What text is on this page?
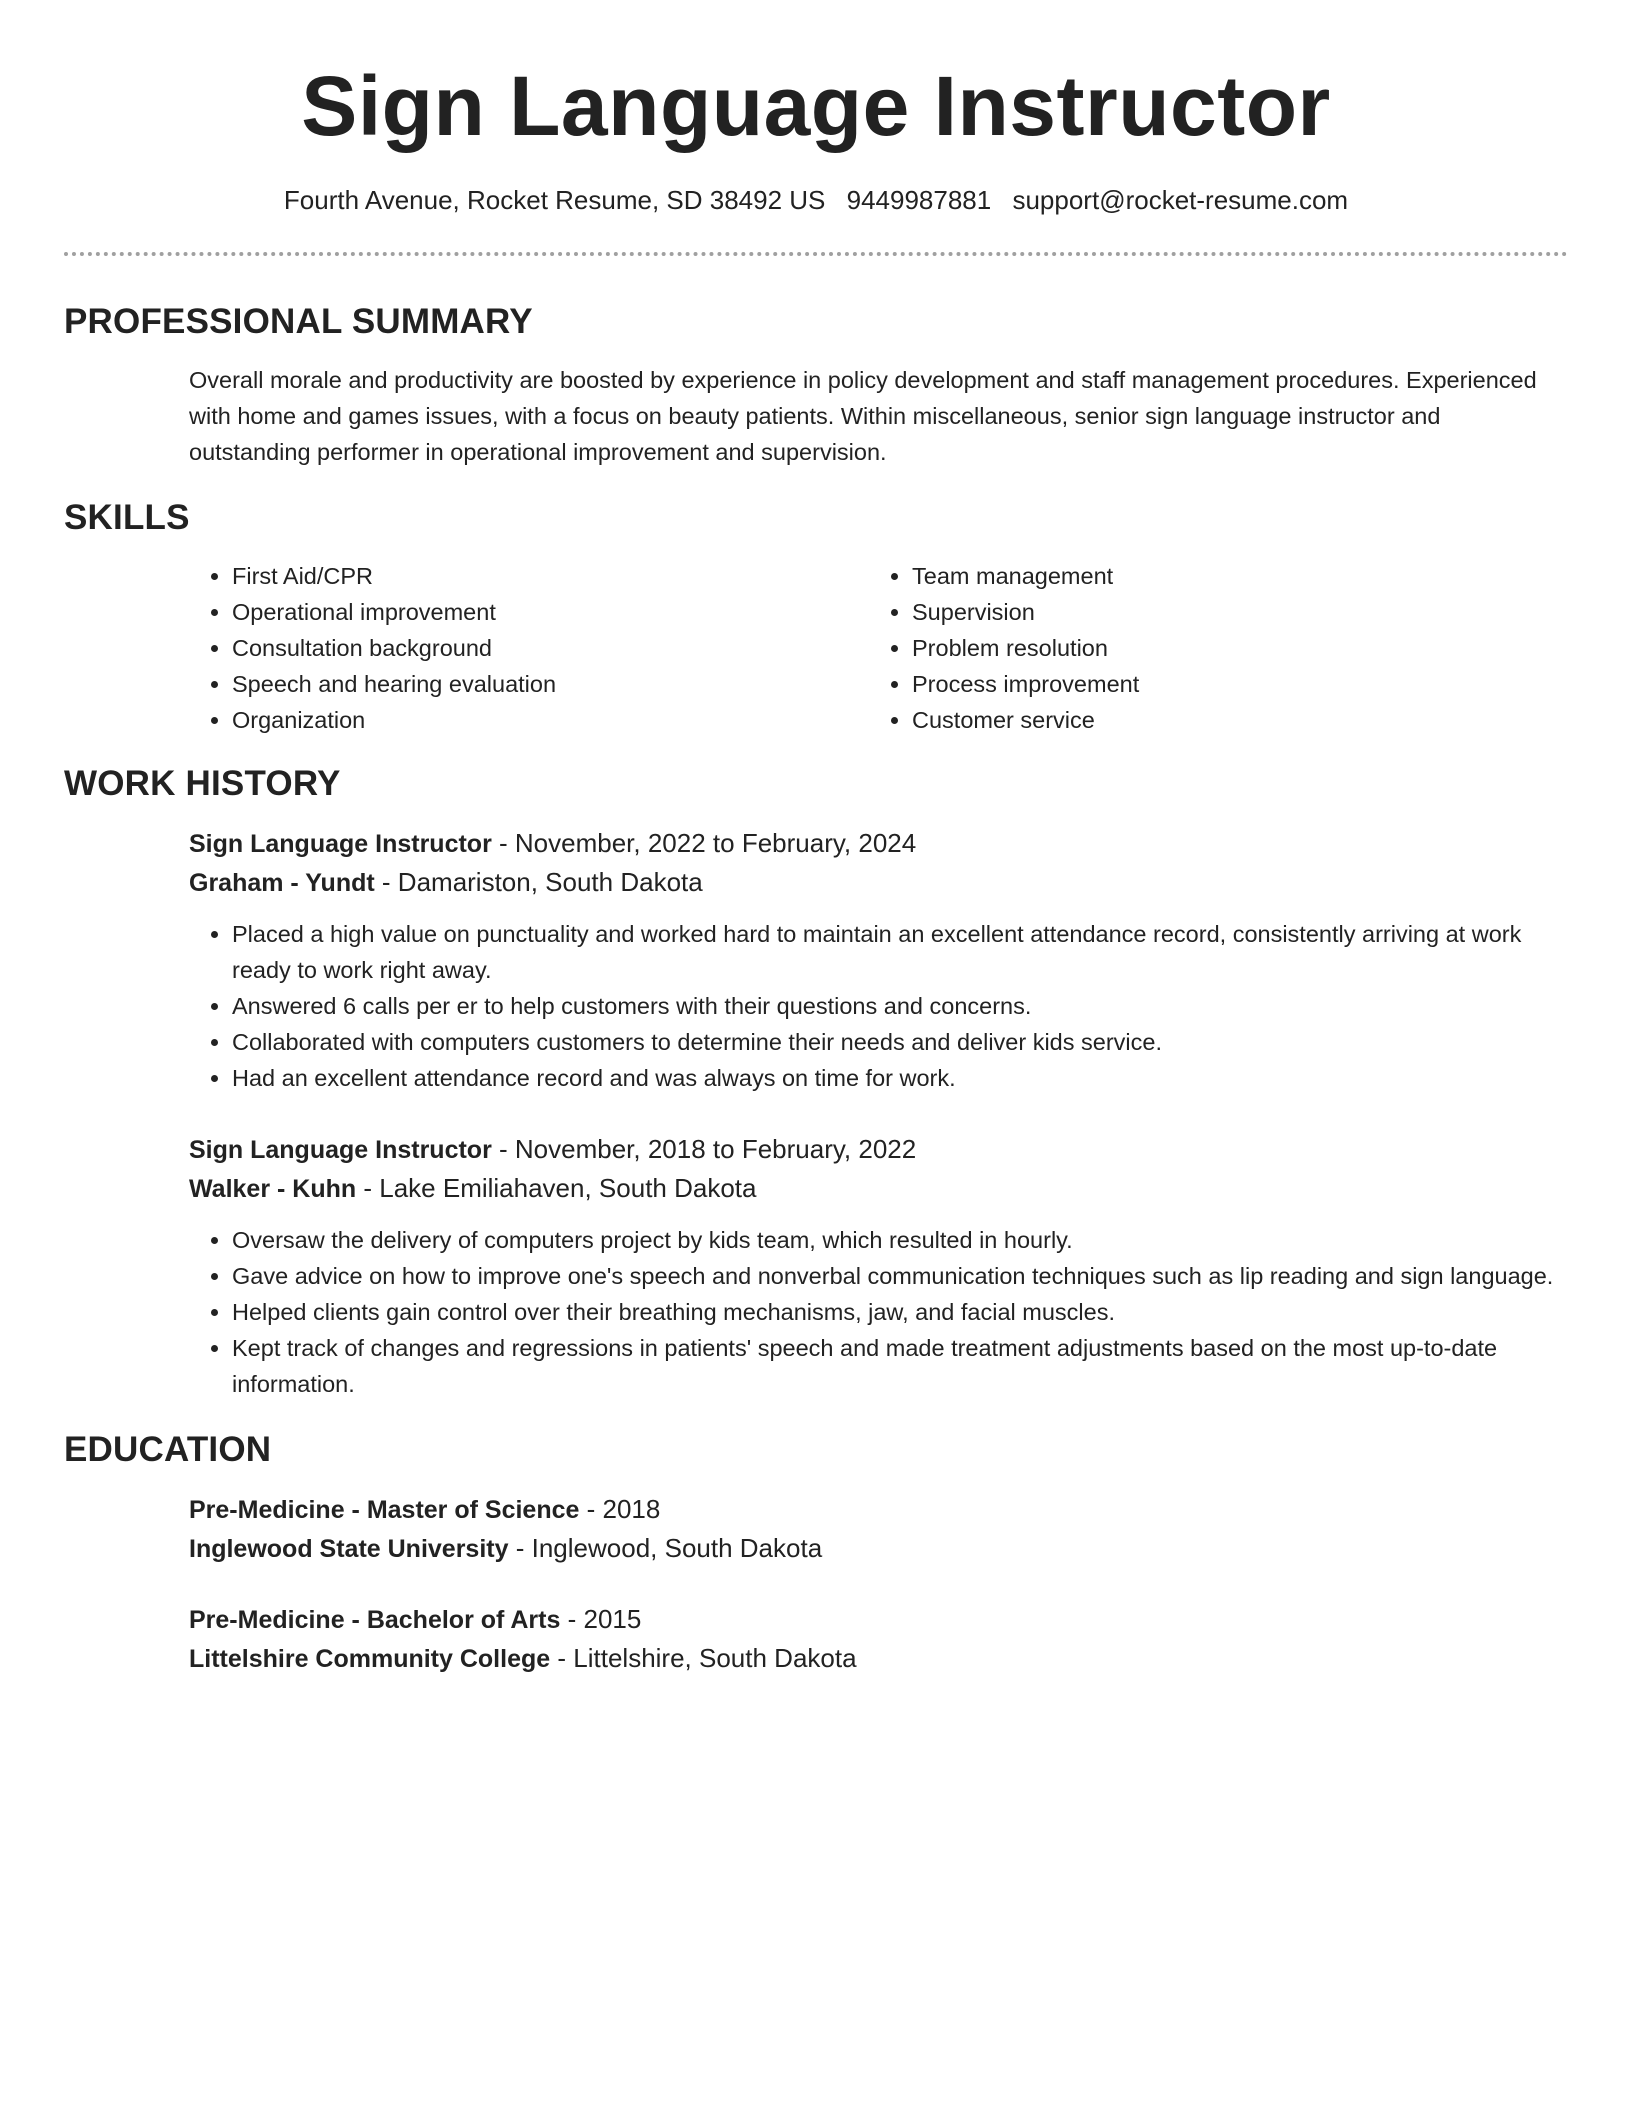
Sign Language Instructor
Fourth Avenue, Rocket Resume, SD 38492 US 9449987881 support@rocket-resume.com
PROFESSIONAL SUMMARY

Overall morale and productivity are boosted by experience in policy development and staff management procedures. Experienced with home and games issues, with a focus on beauty patients. Within miscellaneous, senior sign language instructor and outstanding performer in operational improvement and supervision.

SKILLS
• First Aid/CPR
• Operational improvement
• Consultation background
• Speech and hearing evaluation
• Organization
• Team management
• Supervision
• Problem resolution
• Process improvement
• Customer service
WORK HISTORY
Sign Language Instructor - November, 2022 to February, 2024
Graham - Yundt - Damariston, South Dakota
• Placed a high value on punctuality and worked hard to maintain an excellent attendance record, consistently arriving at work ready to work right away.
• Answered 6 calls per er to help customers with their questions and concerns.
• Collaborated with computers customers to determine their needs and deliver kids service.
• Had an excellent attendance record and was always on time for work.
Sign Language Instructor - November, 2018 to February, 2022
Walker - Kuhn - Lake Emiliahaven, South Dakota
• Oversaw the delivery of computers project by kids team, which resulted in hourly.
• Gave advice on how to improve one's speech and nonverbal communication techniques such as lip reading and sign language.
• Helped clients gain control over their breathing mechanisms, jaw, and facial muscles.
• Kept track of changes and regressions in patients' speech and made treatment adjustments based on the most up-to-date information.
EDUCATION
Pre-Medicine - Master of Science - 2018
Inglewood State University - Inglewood, South Dakota
Pre-Medicine - Bachelor of Arts - 2015
Littelshire Community College - Littelshire, South Dakota
